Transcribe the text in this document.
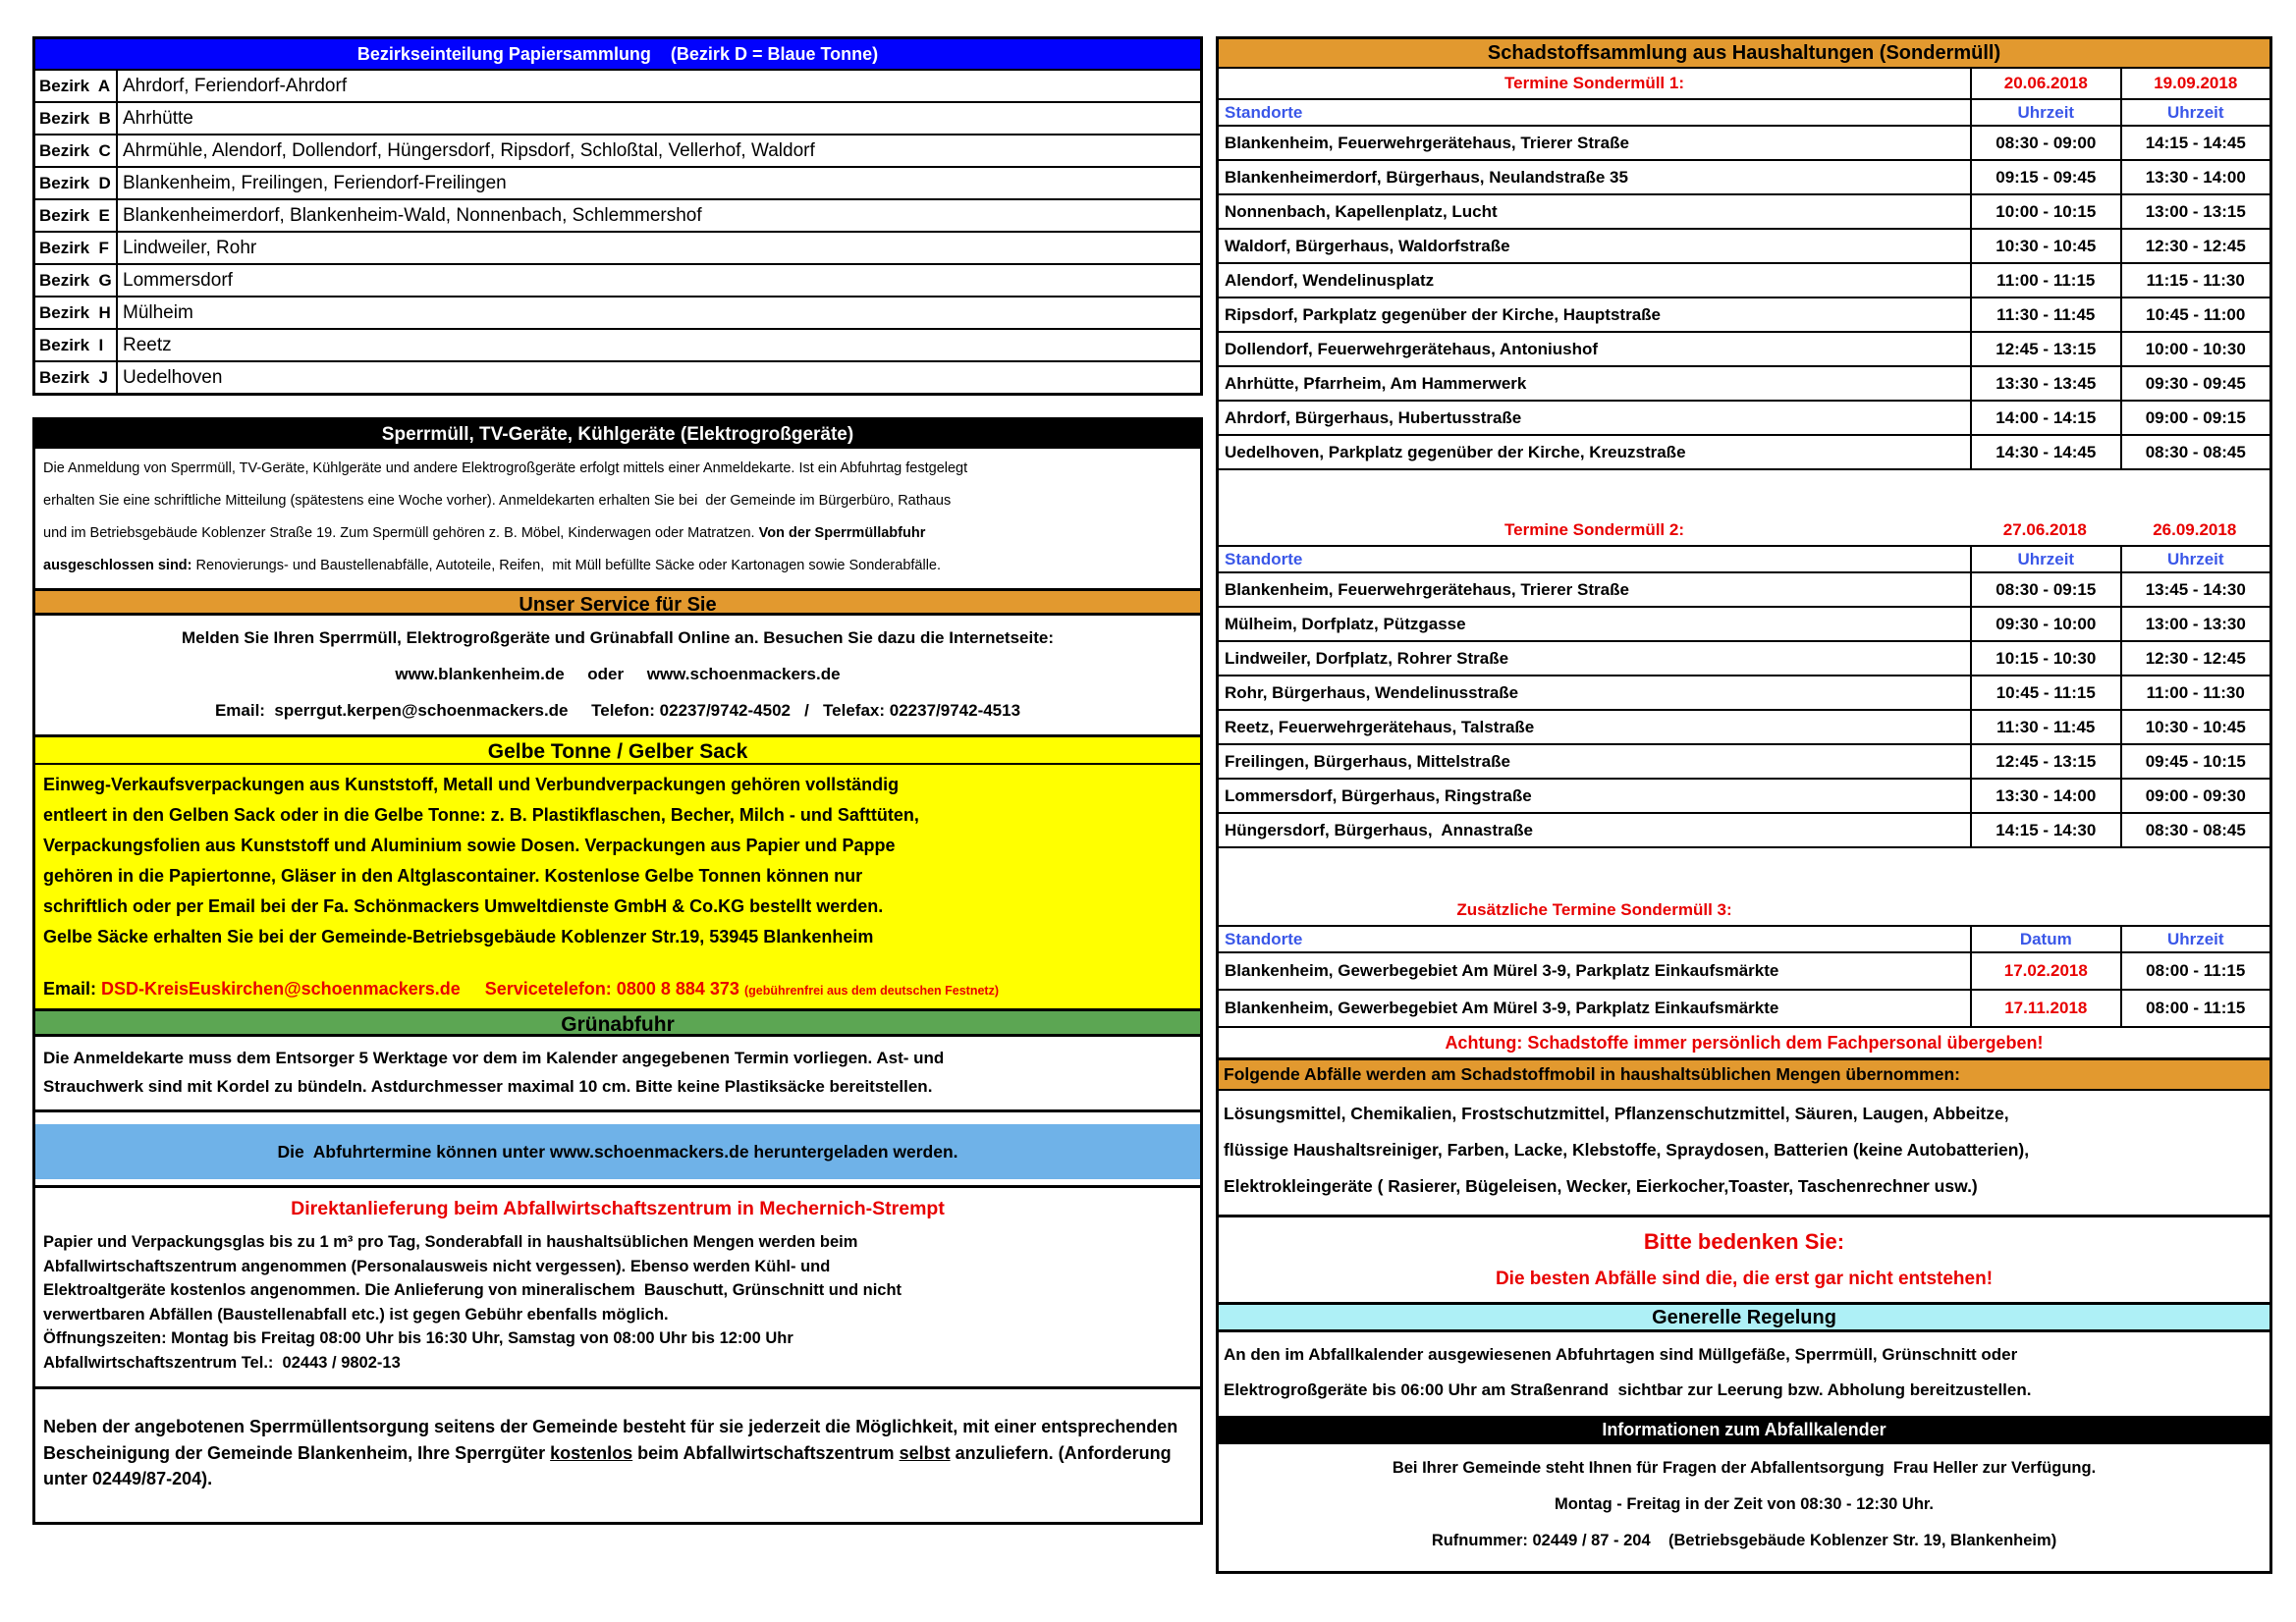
Bezirkseinteilung Papiersammlung    (Bezirk D = Blaue Tonne)
Bezirk  A Ahrdorf, Feriendorf-Ahrdorf
Bezirk  B Ahrhütte
Bezirk  C Ahrmühle, Alendorf, Dollendorf, Hüngersdorf, Ripsdorf, Schloßtal, Vellerhof, Waldorf
Bezirk  D Blankenheim, Freilingen, Feriendorf-Freilingen
Bezirk  E Blankenheimerdorf, Blankenheim-Wald, Nonnenbach, Schlemmershof
Bezirk  F Lindweiler, Rohr
Bezirk  G Lommersdorf
Bezirk  H Mülheim
Bezirk  I	Reetz
Bezirk  J Uedelhoven
Sperrmüll, TV-Geräte, Kühlgeräte (Elektrogroßgeräte)
Die Anmeldung von Sperrmüll, TV-Geräte, Kühlgeräte und andere Elektrogroßgeräte erfolgt mittels einer Anmeldekarte. Ist ein Abfuhrtag festgelegt
erhalten Sie eine schriftliche Mitteilung (spätestens eine Woche vorher). Anmeldekarten erhalten Sie bei  der Gemeinde im Bürgerbüro, Rathaus
und im Betriebsgebäude Koblenzer Straße 19. Zum Spermüll gehören z. B. Möbel, Kinderwagen oder Matratzen. Von der Sperrmüllabfuhr
ausgeschlossen sind: Renovierungs- und Baustellenabfälle, Autoteile, Reifen,  mit Müll befüllte Säcke oder Kartonagen sowie Sonderabfälle.
Unser Service für Sie
Melden Sie Ihren Sperrmüll, Elektrogroßgeräte und Grünabfall Online an. Besuchen Sie dazu die Internetseite:
www.blankenheim.de     oder     www.schoenmackers.de
Email:  sperrgut.kerpen@schoenmackers.de     Telefon: 02237/9742-4502   /   Telefax: 02237/9742-4513
Gelbe Tonne / Gelber Sack
Einweg-Verkaufsverpackungen aus Kunststoff, Metall und Verbundverpackungen gehören vollständig
entleert in den Gelben Sack oder in die Gelbe Tonne: z. B. Plastikflaschen, Becher, Milch - und Safttüten,
Verpackungsfolien aus Kunststoff und Aluminium sowie Dosen. Verpackungen aus Papier und Pappe
gehören in die Papiertonne, Gläser in den Altglascontainer. Kostenlose Gelbe Tonnen können nur
schriftlich oder per Email bei der Fa. Schönmackers Umweltdienste GmbH & Co.KG bestellt werden.
Gelbe Säcke erhalten Sie bei der Gemeinde-Betriebsgebäude Koblenzer Str.19, 53945 Blankenheim
Email: DSD-KreisEuskirchen@schoenmackers.de     Servicetelefon: 0800 8 884 373 (gebührenfrei aus dem deutschen Festnetz)
Grünabfuhr
Die Anmeldekarte muss dem Entsorger 5 Werktage vor dem im Kalender angegebenen Termin vorliegen. Ast- und
Strauchwerk sind mit Kordel zu bündeln. Astdurchmesser maximal 10 cm. Bitte keine Plastiksäcke bereitstellen.
Die  Abfuhrtermine können unter www.schoenmackers.de heruntergeladen werden.
Direktanlieferung beim Abfallwirtschaftszentrum in Mechernich-Strempt
Papier und Verpackungsglas bis zu 1 m³ pro Tag, Sonderabfall in haushaltsüblichen Mengen werden beim
Abfallwirtschaftszentrum angenommen (Personalausweis nicht vergessen). Ebenso werden Kühl- und
Elektroaltgeräte kostenlos angenommen. Die Anlieferung von mineralischem  Bauschutt, Grünschnitt und nicht
verwertbaren Abfällen (Baustellenabfall etc.) ist gegen Gebühr ebenfalls möglich.
Öffnungszeiten: Montag bis Freitag 08:00 Uhr bis 16:30 Uhr, Samstag von 08:00 Uhr bis 12:00 Uhr
Abfallwirtschaftszentrum Tel.:  02443 / 9802-13
Neben der angebotenen Sperrmüllentsorgung seitens der Gemeinde besteht für sie jederzeit die Möglichkeit, mit einer entsprechenden Bescheinigung der Gemeinde Blankenheim, Ihre Sperrgüter kostenlos beim Abfallwirtschaftszentrum selbst anzuliefern. (Anforderung unter 02449/87-204).
Schadstoffsammlung aus Haushaltungen (Sondermüll)
Termine Sondermüll 1:	20.06.2018	19.09.2018
Standorte	Uhrzeit	Uhrzeit
Blankenheim, Feuerwehrgerätehaus, Trierer Straße	08:30 - 09:00	14:15 - 14:45
Blankenheimerdorf, Bürgerhaus, Neulandstraße 35	09:15 - 09:45	13:30 - 14:00
Nonnenbach, Kapellenplatz, Lucht	10:00 - 10:15	13:00 - 13:15
Waldorf, Bürgerhaus, Waldorfstraße	10:30 - 10:45	12:30 - 12:45
Alendorf, Wendelinusplatz	11:00 - 11:15	11:15 - 11:30
Ripsdorf, Parkplatz gegenüber der Kirche, Hauptstraße	11:30 - 11:45	10:45 - 11:00
Dollendorf, Feuerwehrgerätehaus, Antoniushof	12:45 - 13:15	10:00 - 10:30
Ahrhütte, Pfarrheim, Am Hammerwerk	13:30 - 13:45	09:30 - 09:45
Ahrdorf, Bürgerhaus, Hubertusstraße	14:00 - 14:15	09:00 - 09:15
Uedelhoven, Parkplatz gegenüber der Kirche, Kreuzstraße	14:30 - 14:45	08:30 - 08:45
Termine Sondermüll 2:	27.06.2018	26.09.2018
Standorte	Uhrzeit	Uhrzeit
Blankenheim, Feuerwehrgerätehaus, Trierer Straße	08:30 - 09:15	13:45 - 14:30
Mülheim, Dorfplatz, Pützgasse	09:30 - 10:00	13:00 - 13:30
Lindweiler, Dorfplatz, Rohrer Straße	10:15 - 10:30	12:30 - 12:45
Rohr, Bürgerhaus, Wendelinusstraße	10:45 - 11:15	11:00 - 11:30
Reetz, Feuerwehrgerätehaus, Talstraße	11:30 - 11:45	10:30 - 10:45
Freilingen, Bürgerhaus, Mittelstraße	12:45 - 13:15	09:45 - 10:15
Lommersdorf, Bürgerhaus, Ringstraße	13:30 - 14:00	09:00 - 09:30
Hüngersdorf, Bürgerhaus,  Annastraße	14:15 - 14:30	08:30 - 08:45
Zusätzliche Termine Sondermüll 3:
Standorte	Datum	Uhrzeit
Blankenheim, Gewerbegebiet Am Mürel 3-9, Parkplatz Einkaufsmärkte	17.02.2018	08:00 - 11:15
Blankenheim, Gewerbegebiet Am Mürel 3-9, Parkplatz Einkaufsmärkte	17.11.2018	08:00 - 11:15
Achtung: Schadstoffe immer persönlich dem Fachpersonal übergeben!
Folgende Abfälle werden am Schadstoffmobil in haushaltsüblichen Mengen übernommen:
Lösungsmittel, Chemikalien, Frostschutzmittel, Pflanzenschutzmittel, Säuren, Laugen, Abbeitze,
flüssige Haushaltsreiniger, Farben, Lacke, Klebstoffe, Spraydosen, Batterien (keine Autobatterien),
Elektrokleingeräte ( Rasierer, Bügeleisen, Wecker, Eierkocher,Toaster, Taschenrechner usw.)
Bitte bedenken Sie:
Die besten Abfälle sind die, die erst gar nicht entstehen!
Generelle Regelung
An den im Abfallkalender ausgewiesenen Abfuhrtagen sind Müllgefäße, Sperrmüll, Grünschnitt oder
Elektrogroßgeräte bis 06:00 Uhr am Straßenrand  sichtbar zur Leerung bzw. Abholung bereitzustellen.
Informationen zum Abfallkalender
Bei Ihrer Gemeinde steht Ihnen für Fragen der Abfallentsorgung  Frau Heller zur Verfügung.
Montag - Freitag in der Zeit von 08:30 - 12:30 Uhr.
Rufnummer: 02449 / 87 - 204    (Betriebsgebäude Koblenzer Str. 19, Blankenheim)
